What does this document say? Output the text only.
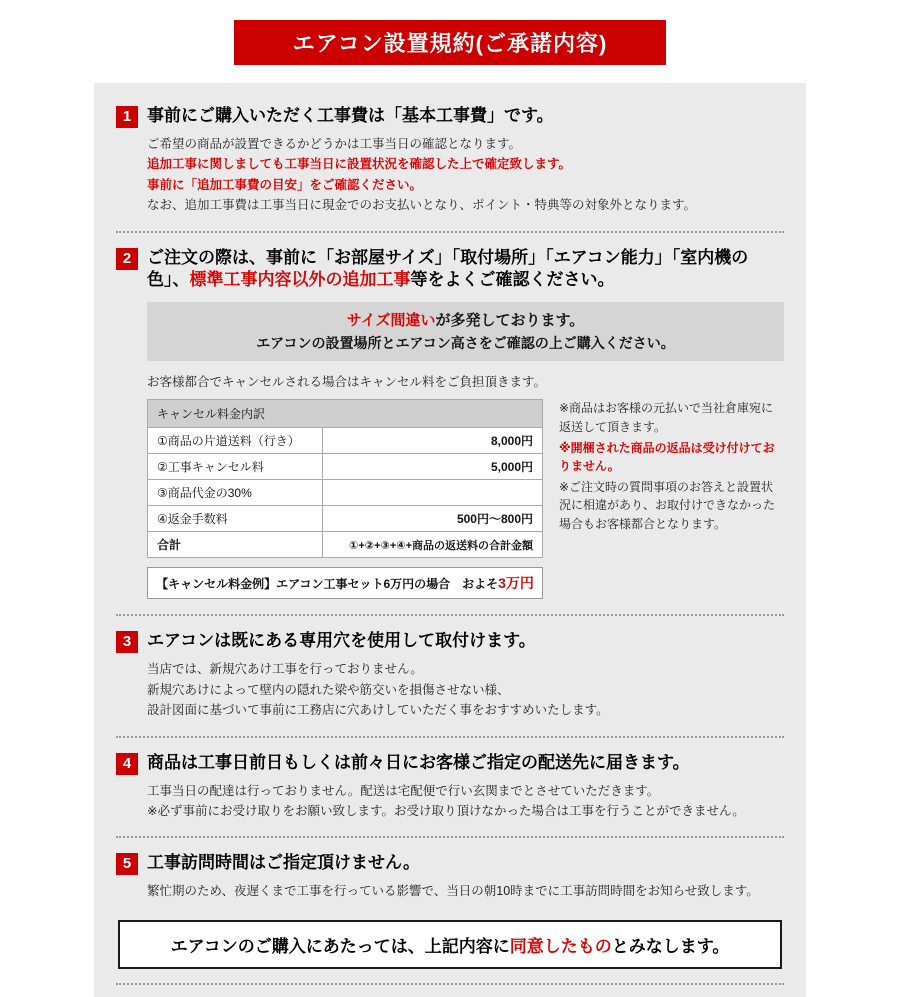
エアコン設置規約(ご承諾内容)
1 事前にご購入いただく工事費は「基本工事費」です。

ご希望の商品が設置できるかどうかは工事当日の確認となります。

追加工事に関しましても工事当日に設置状況を確認した上で確定致します。

事前に「追加工事費の目安」をご確認ください。

なお、追加工事費は工事当日に現金でのお支払いとなり、ポイント・特典等の対象外となります。

2 ご注文の際は、事前に「お部屋サイズ」「取付場所」「エアコン能力」「室内機の色」、標準工事内容以外の追加工事等をよくご確認ください。
サイズ間違いが多発しております。
エアコンの設置場所とエアコン高さをご確認の上ご購入ください。

お客様都合でキャンセルされる場合はキャンセル料をご負担頂きます。

キャンセル料金内訳	
①商品の片道送料（行き）	8,000円
②工事キャンセル料	5,000円
③商品代金の30%	
④返金手数料	500円～800円
合計	①+②+③+④+商品の返送料の合計金額
【キャンセル料金例】エアコン工事セット6万円の場合　およそ3万円

※商品はお客様の元払いで当社倉庫宛に返送して頂きます。

※開梱された商品の返品は受け付けておりません。

※ご注文時の質問事項のお答えと設置状況に相違があり、お取付けできなかった場合もお客様都合となります。

3 エアコンは既にある専用穴を使用して取付けます。

当店では、新規穴あけ工事を行っておりません。

新規穴あけによって壁内の隠れた梁や筋交いを損傷させない様、

設計図面に基づいて事前に工務店に穴あけしていただく事をおすすめいたします。

4 商品は工事日前日もしくは前々日にお客様ご指定の配送先に届きます。

工事当日の配達は行っておりません。配送は宅配便で行い玄関までとさせていただきます。

※必ず事前にお受け取りをお願い致します。お受け取り頂けなかった場合は工事を行うことができません。

5 工事訪問時間はご指定頂けません。

繁忙期のため、夜遅くまで工事を行っている影響で、当日の朝10時までに工事訪問時間をお知らせ致します。

エアコンのご購入にあたっては、上記内容に同意したものとみなします。
